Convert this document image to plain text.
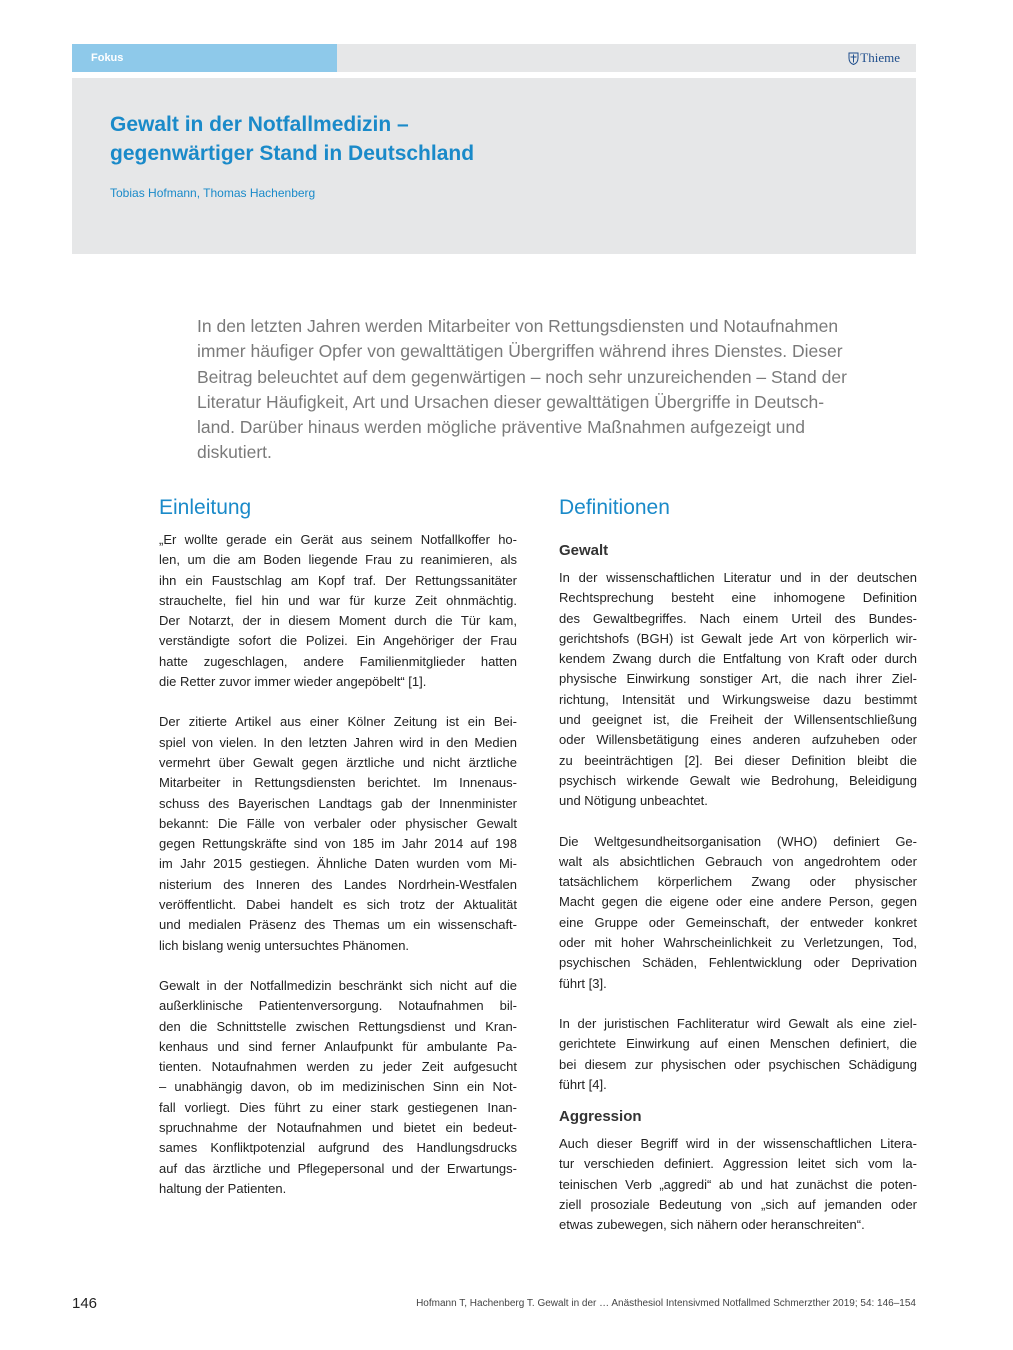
Fokus	Thieme
Gewalt in der Notfallmedizin –
gegenwärtiger Stand in Deutschland
Tobias Hofmann, Thomas Hachenberg
In den letzten Jahren werden Mitarbeiter von Rettungsdiensten und Notaufnahmen
immer häufiger Opfer von gewalttätigen Übergriffen während ihres Dienstes. Dieser
Beitrag beleuchtet auf dem gegenwärtigen – noch sehr unzureichenden – Stand der
Literatur Häufigkeit, Art und Ursachen dieser gewalttätigen Übergriffe in Deutsch-
land. Darüber hinaus werden mögliche präventive Maßnahmen aufgezeigt und
diskutiert.
Einleitung
„Er wollte gerade ein Gerät aus seinem Notfallkoffer ho-
len, um die am Boden liegende Frau zu reanimieren, als
ihn ein Faustschlag am Kopf traf. Der Rettungssanitäter
strauchelte, fiel hin und war für kurze Zeit ohnmächtig.
Der Notarzt, der in diesem Moment durch die Tür kam,
verständigte sofort die Polizei. Ein Angehöriger der Frau
hatte zugeschlagen, andere Familienmitglieder hatten
die Retter zuvor immer wieder angepöbelt“ [1].
Der zitierte Artikel aus einer Kölner Zeitung ist ein Bei-
spiel von vielen. In den letzten Jahren wird in den Medien
vermehrt über Gewalt gegen ärztliche und nicht ärztliche
Mitarbeiter in Rettungsdiensten berichtet. Im Innenaus-
schuss des Bayerischen Landtags gab der Innenminister
bekannt: Die Fälle von verbaler oder physischer Gewalt
gegen Rettungskräfte sind von 185 im Jahr 2014 auf 198
im Jahr 2015 gestiegen. Ähnliche Daten wurden vom Mi-
nisterium des Inneren des Landes Nordrhein-Westfalen
veröffentlicht. Dabei handelt es sich trotz der Aktualität
und medialen Präsenz des Themas um ein wissenschaft-
lich bislang wenig untersuchtes Phänomen.
Gewalt in der Notfallmedizin beschränkt sich nicht auf die
außerklinische Patientenversorgung. Notaufnahmen bil-
den die Schnittstelle zwischen Rettungsdienst und Kran-
kenhaus und sind ferner Anlaufpunkt für ambulante Pa-
tienten. Notaufnahmen werden zu jeder Zeit aufgesucht
– unabhängig davon, ob im medizinischen Sinn ein Not-
fall vorliegt. Dies führt zu einer stark gestiegenen Inan-
spruchnahme der Notaufnahmen und bietet ein bedeut-
sames Konfliktpotenzial aufgrund des Handlungsdrucks
auf das ärztliche und Pflegepersonal und der Erwartungs-
haltung der Patienten.
Definitionen
Gewalt
In der wissenschaftlichen Literatur und in der deutschen
Rechtsprechung besteht eine inhomogene Definition
des Gewaltbegriffes. Nach einem Urteil des Bundes-
gerichtshofs (BGH) ist Gewalt jede Art von körperlich wir-
kendem Zwang durch die Entfaltung von Kraft oder durch
physische Einwirkung sonstiger Art, die nach ihrer Ziel-
richtung, Intensität und Wirkungsweise dazu bestimmt
und geeignet ist, die Freiheit der Willensentschließung
oder Willensbetätigung eines anderen aufzuheben oder
zu beeinträchtigen [2]. Bei dieser Definition bleibt die
psychisch wirkende Gewalt wie Bedrohung, Beleidigung
und Nötigung unbeachtet.
Die Weltgesundheitsorganisation (WHO) definiert Ge-
walt als absichtlichen Gebrauch von angedrohtem oder
tatsächlichem körperlichem Zwang oder physischer
Macht gegen die eigene oder eine andere Person, gegen
eine Gruppe oder Gemeinschaft, der entweder konkret
oder mit hoher Wahrscheinlichkeit zu Verletzungen, Tod,
psychischen Schäden, Fehlentwicklung oder Deprivation
führt [3].
In der juristischen Fachliteratur wird Gewalt als eine ziel-
gerichtete Einwirkung auf einen Menschen definiert, die
bei diesem zur physischen oder psychischen Schädigung
führt [4].
Aggression
Auch dieser Begriff wird in der wissenschaftlichen Litera-
tur verschieden definiert. Aggression leitet sich vom la-
teinischen Verb „aggredi“ ab und hat zunächst die poten-
ziell prosoziale Bedeutung von „sich auf jemanden oder
etwas zubewegen, sich nähern oder heranschreiten“.
146	Hofmann T, Hachenberg T. Gewalt in der … Anästhesiol Intensivmed Notfallmed Schmerzther 2019; 54: 146–154
